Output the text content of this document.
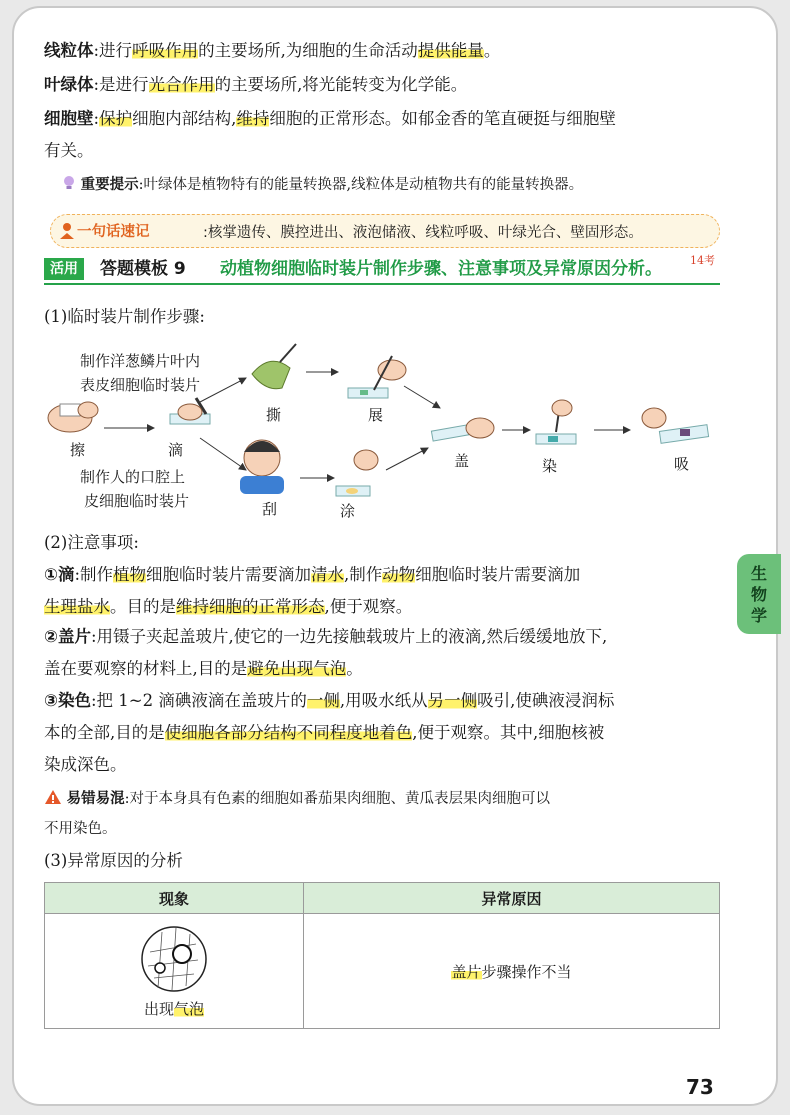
线粒体:进行呼吸作用的主要场所,为细胞的生命活动提供能量。
叶绿体:是进行光合作用的主要场所,将光能转变为化学能。
细胞壁:保护细胞内部结构,维持细胞的正常形态。如郁金香的笔直硬挺与细胞壁
有关。
重要提示:叶绿体是植物特有的能量转换器,线粒体是动植物共有的能量转换器。
一句话速记	:核掌遗传、膜控进出、液泡储液、线粒呼吸、叶绿光合、壁固形态。
活用	答题模板 9 动植物细胞临时装片制作步骤、注意事项及异常原因分析。	14考
(1)临时装片制作步骤:
制作洋葱鳞片叶内
表皮细胞临时装片
制作人的口腔上
皮细胞临时装片
擦	滴
撕	展
刮	涂
盖	染	吸
(2)注意事项:
①滴:制作植物细胞临时装片需要滴加清水,制作动物细胞临时装片需要滴加
生理盐水。目的是维持细胞的正常形态,便于观察。
②盖片:用镊子夹起盖玻片,使它的一边先接触载玻片上的液滴,然后缓缓地放下,
盖在要观察的材料上,目的是避免出现气泡。
③染色:把 1~2 滴碘液滴在盖玻片的一侧,用吸水纸从另一侧吸引,使碘液浸润标
本的全部,目的是使细胞各部分结构不同程度地着色,便于观察。其中,细胞核被
染成深色。
易错易混:对于本身具有色素的细胞如番茄果肉细胞、黄瓜表层果肉细胞可以
不用染色。
(3)异常原因的分析
现象	异常原因

出现气泡	盖片步骤操作不当
生
物
学
73
